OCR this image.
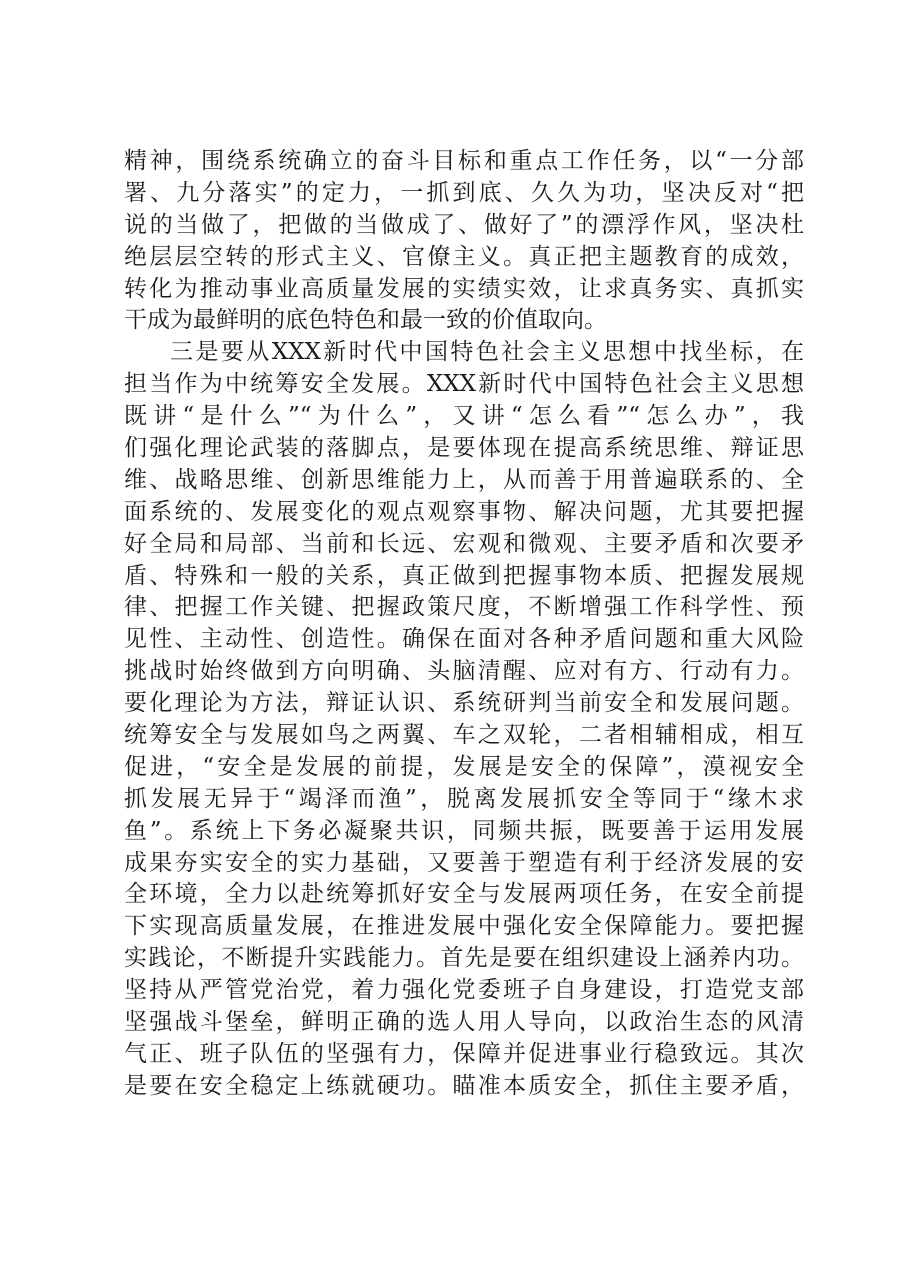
精神，围绕系统确立的奋斗目标和重点工作任务，以“一分部
署、九分落实”的定力，一抓到底、久久为功，坚决反对“把
说的当做了，把做的当做成了、做好了”的漂浮作风，坚决杜
绝层层空转的形式主义、官僚主义。真正把主题教育的成效，
转化为推动事业高质量发展的实绩实效，让求真务实、真抓实
干成为最鲜明的底色特色和最一致的价值取向。
三是要从XXX新时代中国特色社会主义思想中找坐标，在
担当作为中统筹安全发展。XXX新时代中国特色社会主义思想
既讲“是什么”“为什么”，又讲“怎么看”“怎么办”，我
们强化理论武装的落脚点，是要体现在提高系统思维、辩证思
维、战略思维、创新思维能力上，从而善于用普遍联系的、全
面系统的、发展变化的观点观察事物、解决问题，尤其要把握
好全局和局部、当前和长远、宏观和微观、主要矛盾和次要矛
盾、特殊和一般的关系，真正做到把握事物本质、把握发展规
律、把握工作关键、把握政策尺度，不断增强工作科学性、预
见性、主动性、创造性。确保在面对各种矛盾问题和重大风险
挑战时始终做到方向明确、头脑清醒、应对有方、行动有力。
要化理论为方法，辩证认识、系统研判当前安全和发展问题。
统筹安全与发展如鸟之两翼、车之双轮，二者相辅相成，相互
促进，“安全是发展的前提，发展是安全的保障”，漠视安全
抓发展无异于“竭泽而渔”，脱离发展抓安全等同于“缘木求
鱼”。系统上下务必凝聚共识，同频共振，既要善于运用发展
成果夯实安全的实力基础，又要善于塑造有利于经济发展的安
全环境，全力以赴统筹抓好安全与发展两项任务，在安全前提
下实现高质量发展，在推进发展中强化安全保障能力。要把握
实践论，不断提升实践能力。首先是要在组织建设上涵养内功。
坚持从严管党治党，着力强化党委班子自身建设，打造党支部
坚强战斗堡垒，鲜明正确的选人用人导向，以政治生态的风清
气正、班子队伍的坚强有力，保障并促进事业行稳致远。其次
是要在安全稳定上练就硬功。瞄准本质安全，抓住主要矛盾，
